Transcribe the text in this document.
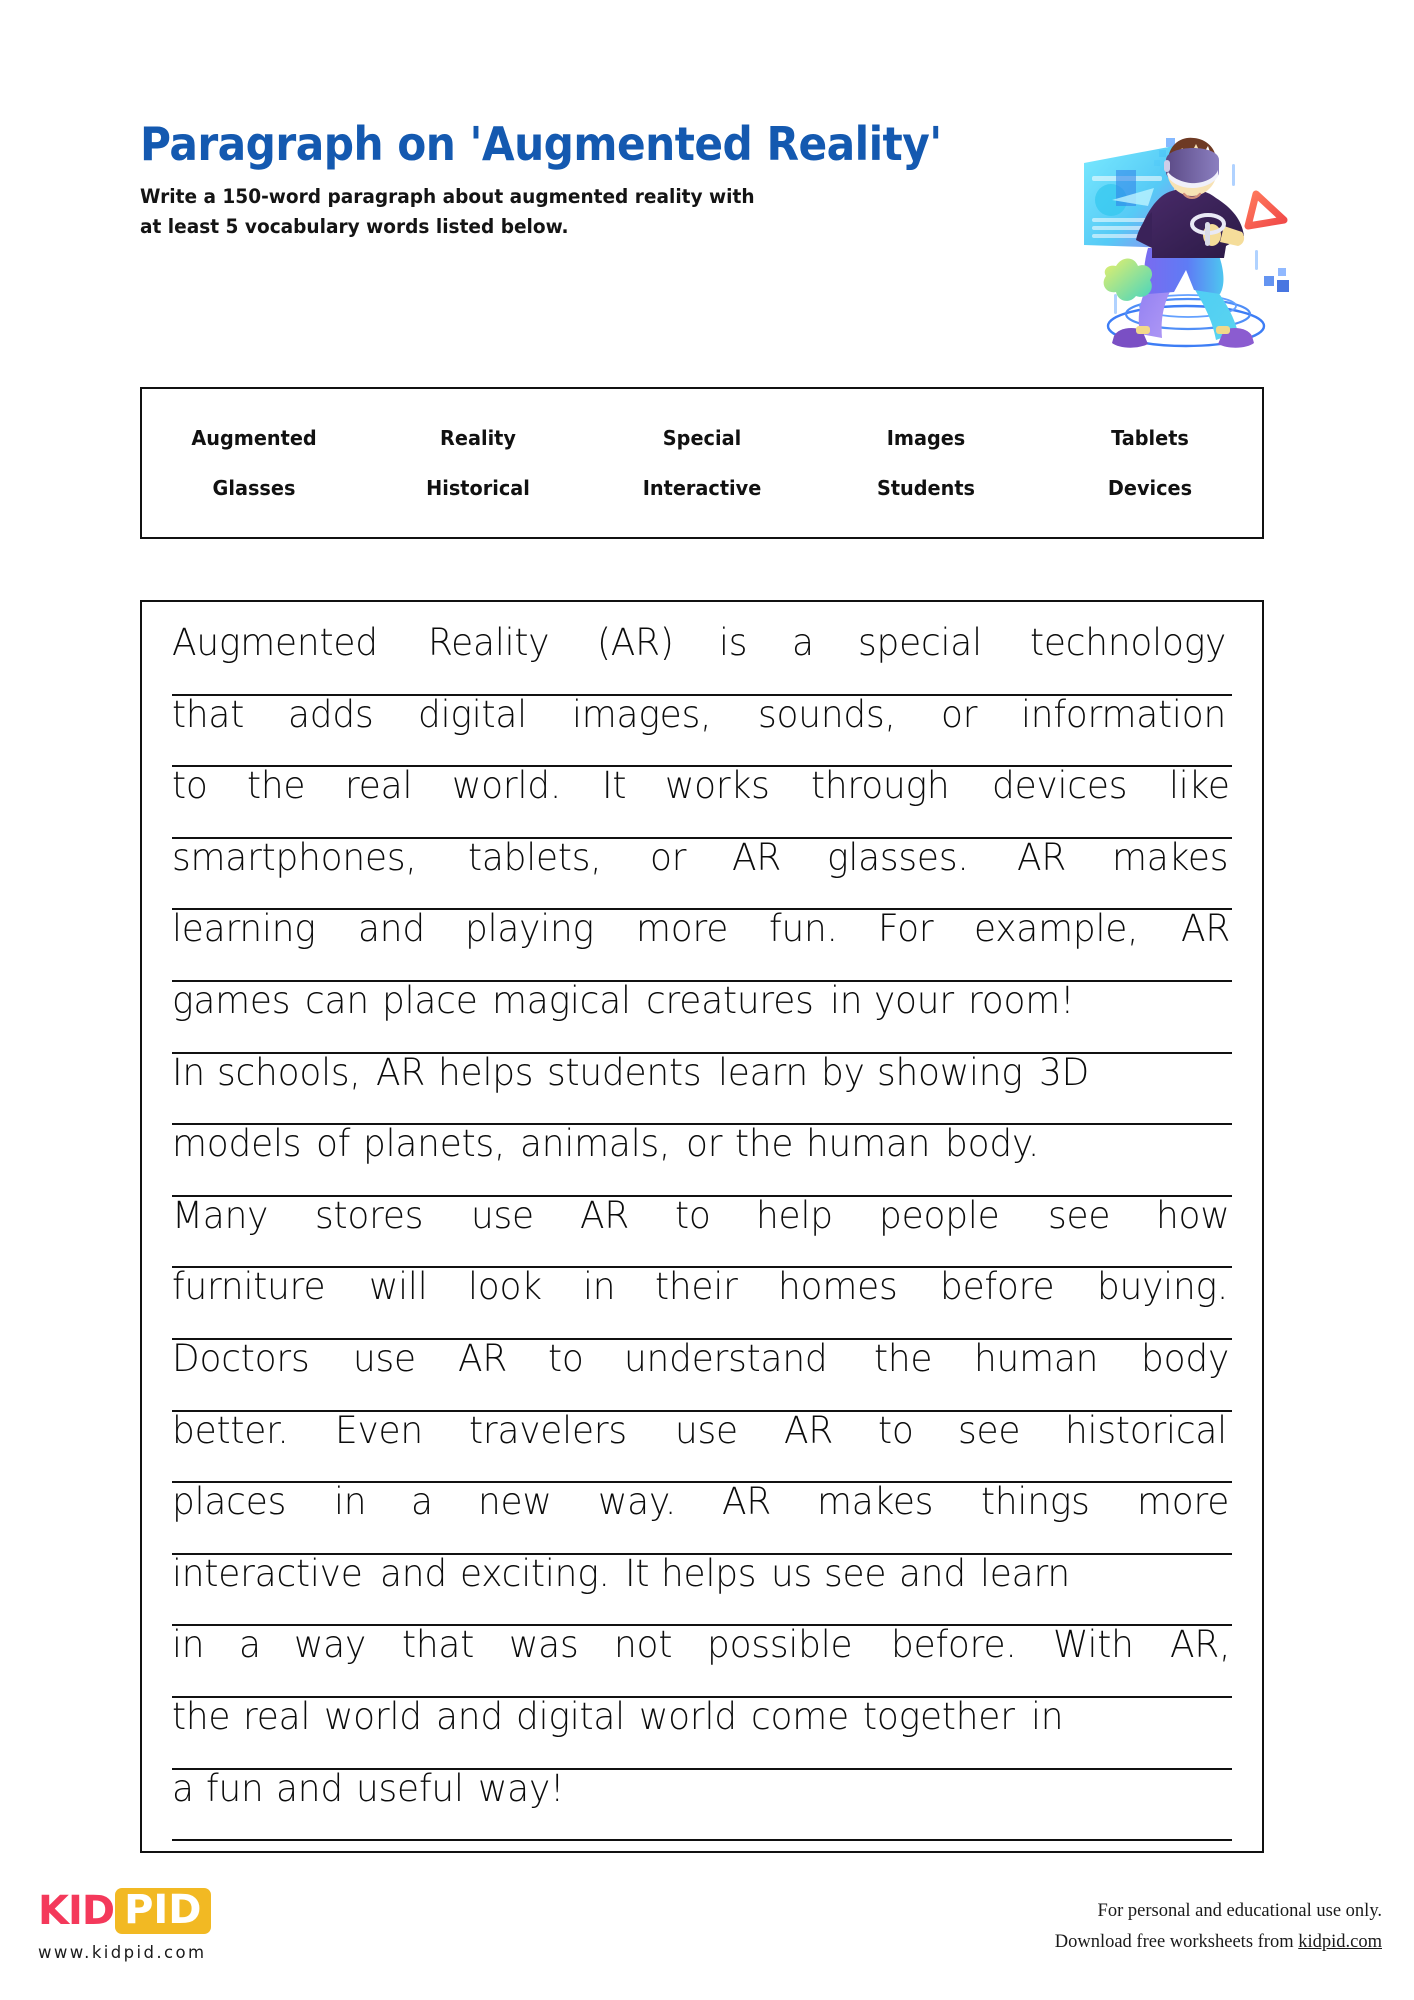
Paragraph on 'Augmented Reality'
Write a 150-word paragraph about augmented reality with
at least 5 vocabulary words listed below.
Augmented	Reality	Special	Images	Tablets
Glasses	Historical	Interactive	Students	Devices
Augmented Reality (AR) is a special technology
that adds digital images, sounds, or information
to the real world. It works through devices like
smartphones, tablets, or AR glasses. AR makes
learning and playing more fun. For example, AR
games can place magical creatures in your room!
In schools, AR helps students learn by showing 3D
models of planets, animals, or the human body.
Many stores use AR to help people see how
furniture will look in their homes before buying.
Doctors use AR to understand the human body
better. Even travelers use AR to see historical
places in a new way. AR makes things more
interactive and exciting. It helps us see and learn
in a way that was not possible before. With AR,
the real world and digital world come together in
a fun and useful way!
KID PID
www.kidpid.com
For personal and educational use only.
Download free worksheets from kidpid.com
